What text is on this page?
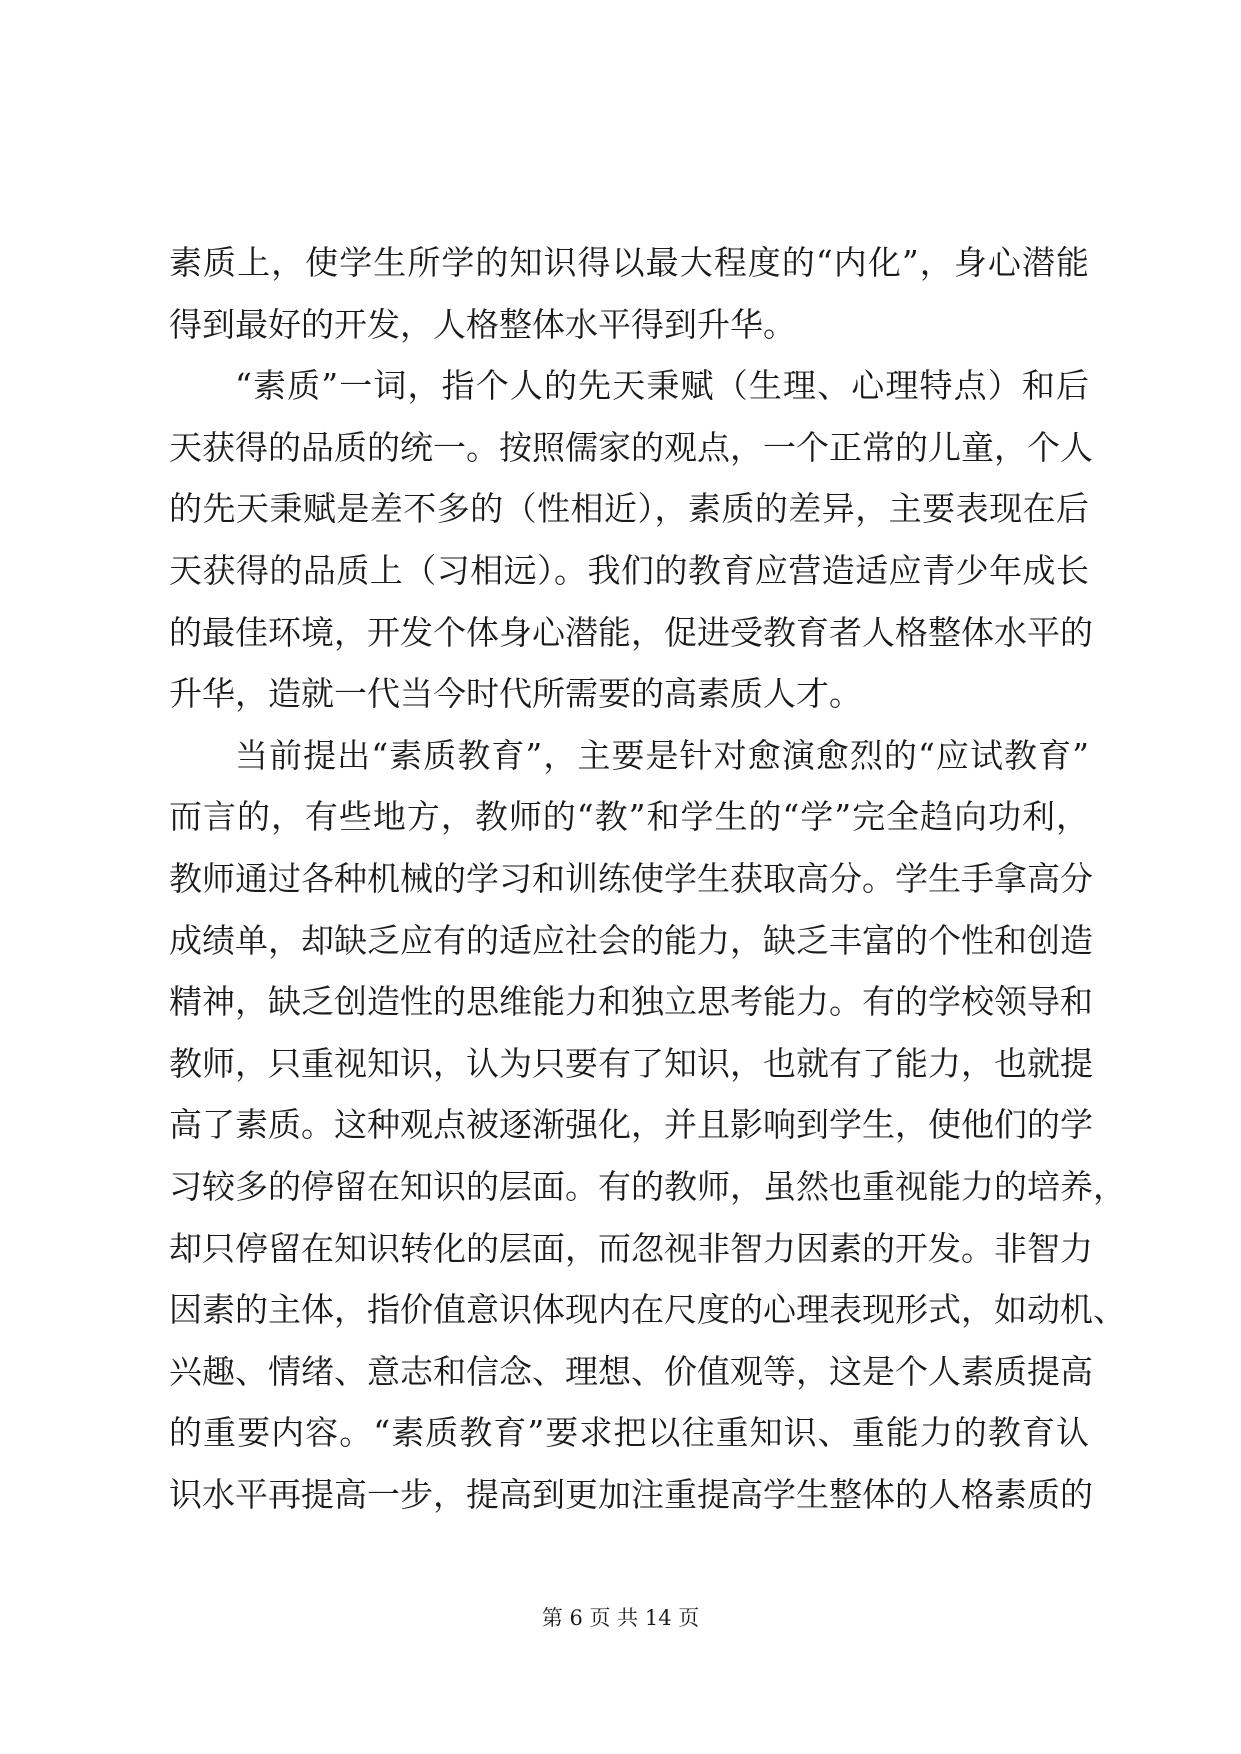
素质上，使学生所学的知识得以最大程度的“内化”，身心潜能
得到最好的开发，人格整体水平得到升华。
“素质”一词，指个人的先天秉赋（生理、心理特点）和后
天获得的品质的统一。按照儒家的观点，一个正常的儿童，个人
的先天秉赋是差不多的（性相近），素质的差异，主要表现在后
天获得的品质上（习相远）。我们的教育应营造适应青少年成长
的最佳环境，开发个体身心潜能，促进受教育者人格整体水平的
升华，造就一代当今时代所需要的高素质人才。
当前提出“素质教育”，主要是针对愈演愈烈的“应试教育”
而言的，有些地方，教师的“教”和学生的“学”完全趋向功利，
教师通过各种机械的学习和训练使学生获取高分。学生手拿高分
成绩单，却缺乏应有的适应社会的能力，缺乏丰富的个性和创造
精神，缺乏创造性的思维能力和独立思考能力。有的学校领导和
教师，只重视知识，认为只要有了知识，也就有了能力，也就提
高了素质。这种观点被逐渐强化，并且影响到学生，使他们的学
习较多的停留在知识的层面。有的教师，虽然也重视能力的培养，
却只停留在知识转化的层面，而忽视非智力因素的开发。非智力
因素的主体，指价值意识体现内在尺度的心理表现形式，如动机、
兴趣、情绪、意志和信念、理想、价值观等，这是个人素质提高
的重要内容。“素质教育”要求把以往重知识、重能力的教育认
识水平再提高一步，提高到更加注重提高学生整体的人格素质的
第 6 页 共 14 页
